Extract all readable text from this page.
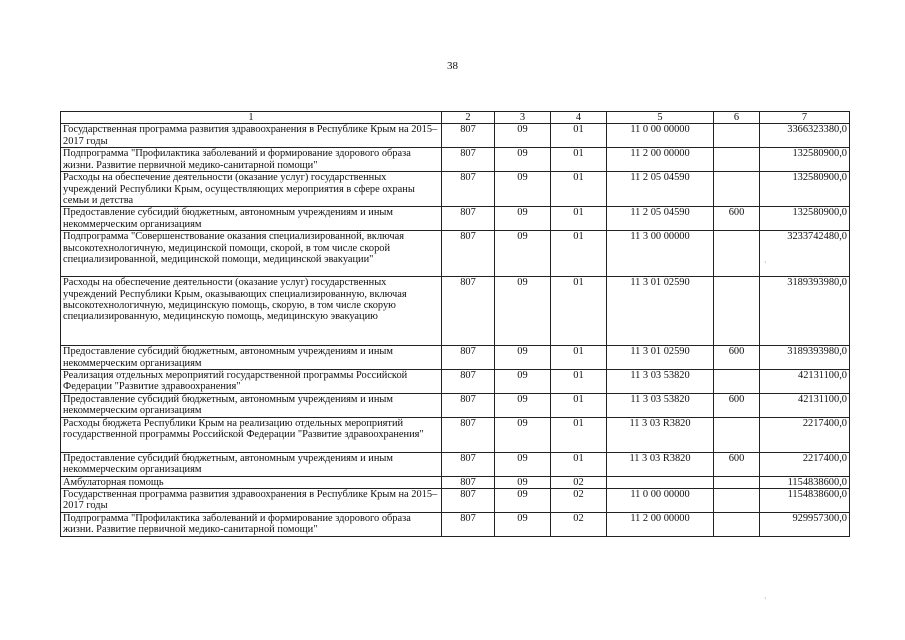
38
1	2	3	4	5	6	7
Государственная программа развития здравоохранения в Республике Крым на 2015–2017 годы	807	09	01	11 0 00 00000		3366323380,0
Подпрограмма "Профилактика заболеваний и формирование здорового образа жизни. Развитие первичной медико-санитарной помощи"	807	09	01	11 2 00 00000		132580900,0
Расходы на обеспечение деятельности (оказание услуг) государственных учреждений Республики Крым, осуществляющих мероприятия в сфере охраны семьи и детства	807	09	01	11 2 05 04590		132580900,0
Предоставление субсидий бюджетным, автономным учреждениям и иным некоммерческим организациям	807	09	01	11 2 05 04590	600	132580900,0
Подпрограмма "Совершенствование оказания специализированной, включая высокотехнологичную, медицинской помощи, скорой, в том числе скорой специализированной, медицинской помощи, медицинской эвакуации"	807	09	01	11 3 00 00000		3233742480,0
Расходы на обеспечение деятельности (оказание услуг) государственных учреждений Республики Крым, оказывающих специализированную, включая высокотехнологичную, медицинскую помощь, скорую, в том числе скорую специализированную, медицинскую помощь, медицинскую эвакуацию	807	09	01	11 3 01 02590		3189393980,0
Предоставление субсидий бюджетным, автономным учреждениям и иным некоммерческим организациям	807	09	01	11 3 01 02590	600	3189393980,0
Реализация отдельных мероприятий государственной программы Российской Федерации "Развитие здравоохранения"	807	09	01	11 3 03 53820		42131100,0
Предоставление субсидий бюджетным, автономным учреждениям и иным некоммерческим организациям	807	09	01	11 3 03 53820	600	42131100,0
Расходы бюджета Республики Крым на реализацию отдельных мероприятий государственной программы Российской Федерации "Развитие здравоохранения"	807	09	01	11 3 03 R3820		2217400,0
Предоставление субсидий бюджетным, автономным учреждениям и иным некоммерческим организациям	807	09	01	11 3 03 R3820	600	2217400,0
Амбулаторная помощь	807	09	02			1154838600,0
Государственная программа развития здравоохранения в Республике Крым на 2015–2017 годы	807	09	02	11 0 00 00000		1154838600,0
Подпрограмма "Профилактика заболеваний и формирование здорового образа жизни. Развитие первичной медико-санитарной помощи"	807	09	02	11 2 00 00000		929957300,0
·
·
·
